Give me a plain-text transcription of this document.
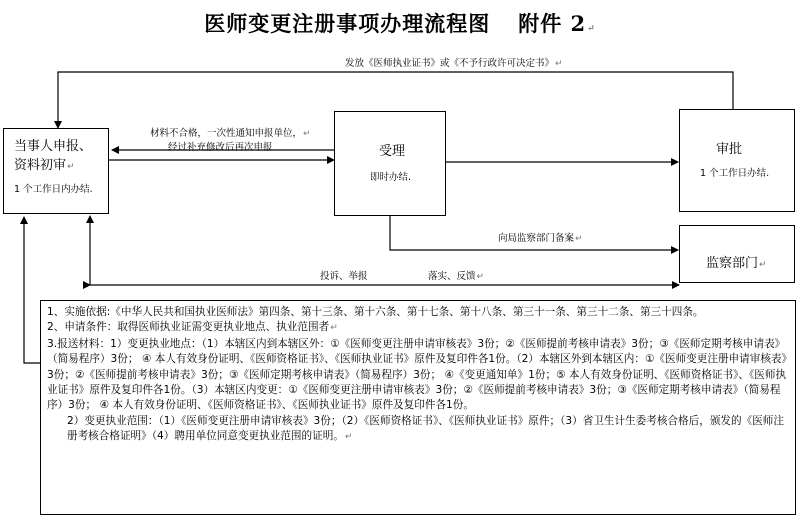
医师变更注册事项办理流程图 附件 2↵
当事人申报、
资料初审↵
1 个工作日内办结.
受理
即时办结.
审批
1 个工作日办结.
监察部门↵
发放《医师执业证书》或《不予行政许可决定书》↵
材料不合格，一次性通知申报单位，↵
经过补充修改后再次申报
向局监察部门备案↵
投诉、举报	落实、反馈↵

1、实施依据:《中华人民共和国执业医师法》第四条、第十三条、第十六条、第十七条、第十八条、第三十一条、第三十二条、第三十四条。

2、申请条件：取得医师执业证需变更执业地点、执业范围者↵

3.报送材料：1）变更执业地点：（1）本辖区内到本辖区外：①《医师变更注册申请审核表》3份；②《医师提前考核申请表》3份；③《医师定期考核申请表》（简易程序）3份； ④ 本人有效身份证明、《医师资格证书》、《医师执业证书》原件及复印件各1份。（2）本辖区外到本辖区内：①《医师变更注册申请审核表》3份；②《医师提前考核申请表》3份；③《医师定期考核申请表》（简易程序）3份； ④《变更通知单》1份；⑤ 本人有效身份证明、《医师资格证书》、《医师执业证书》原件及复印件各1份。（3）本辖区内变更：①《医师变更注册申请审核表》3份；②《医师提前考核申请表》3份；③《医师定期考核申请表》（简易程序）3份； ④ 本人有效身份证明、《医师资格证书》、《医师执业证书》原件及复印件各1份。

2）变更执业范围：（1）《医师变更注册申请审核表》3份；（2）《医师资格证书》、《医师执业证书》原件；（3）省卫生计生委考核合格后，颁发的《医师注册考核合格证明》（4）聘用单位同意变更执业范围的证明。↵
